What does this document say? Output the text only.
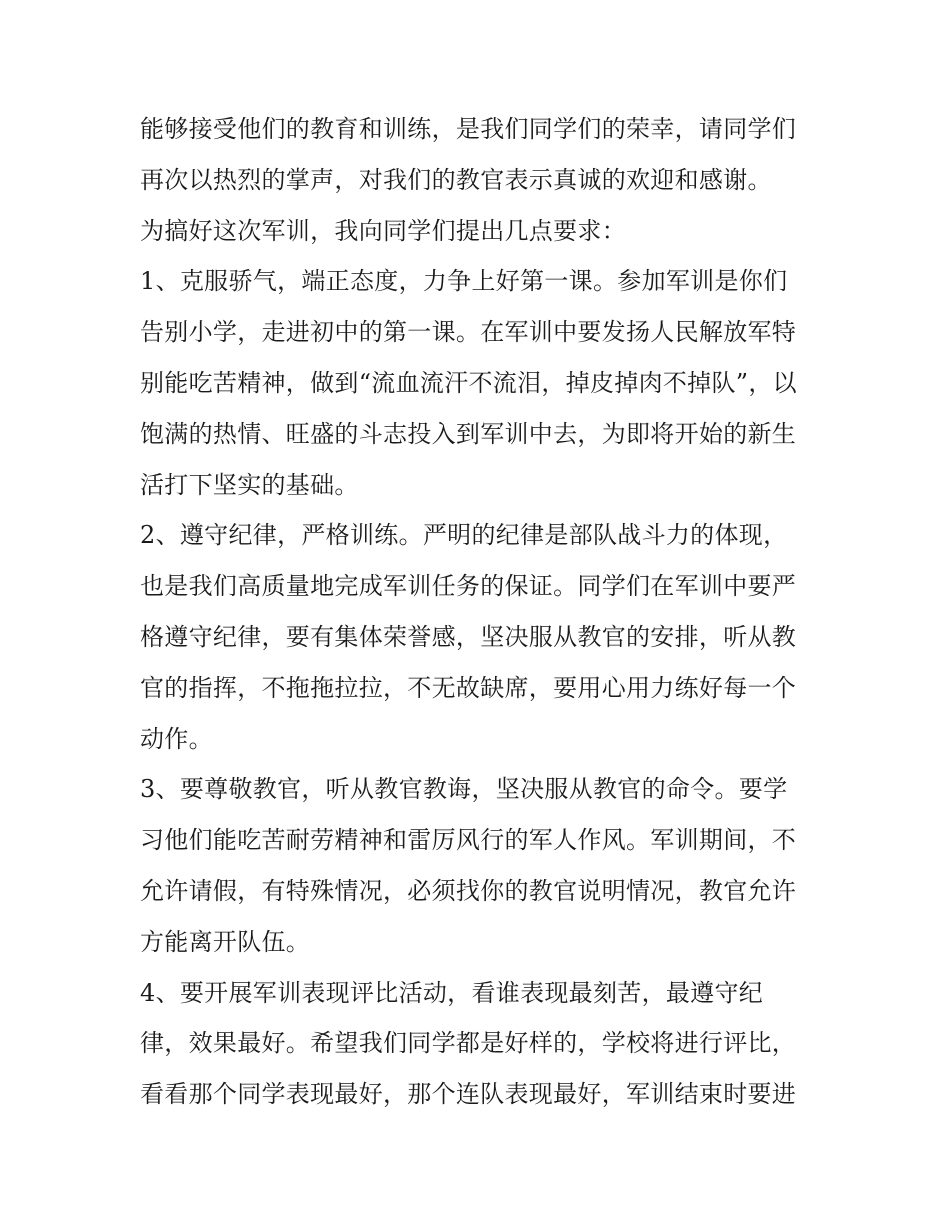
能够接受他们的教育和训练，是我们同学们的荣幸，请同学们
再次以热烈的掌声，对我们的教官表示真诚的欢迎和感谢。
为搞好这次军训，我向同学们提出几点要求：
1、克服骄气，端正态度，力争上好第一课。参加军训是你们
告别小学，走进初中的第一课。在军训中要发扬人民解放军特
别能吃苦精神，做到“流血流汗不流泪，掉皮掉肉不掉队”，以
饱满的热情、旺盛的斗志投入到军训中去，为即将开始的新生
活打下坚实的基础。
2、遵守纪律，严格训练。严明的纪律是部队战斗力的体现，
也是我们高质量地完成军训任务的保证。同学们在军训中要严
格遵守纪律，要有集体荣誉感，坚决服从教官的安排，听从教
官的指挥，不拖拖拉拉，不无故缺席，要用心用力练好每一个
动作。
3、要尊敬教官，听从教官教诲，坚决服从教官的命令。要学
习他们能吃苦耐劳精神和雷厉风行的军人作风。军训期间，不
允许请假，有特殊情况，必须找你的教官说明情况，教官允许
方能离开队伍。
4、要开展军训表现评比活动，看谁表现最刻苦，最遵守纪
律，效果最好。希望我们同学都是好样的，学校将进行评比，
看看那个同学表现最好，那个连队表现最好，军训结束时要进
